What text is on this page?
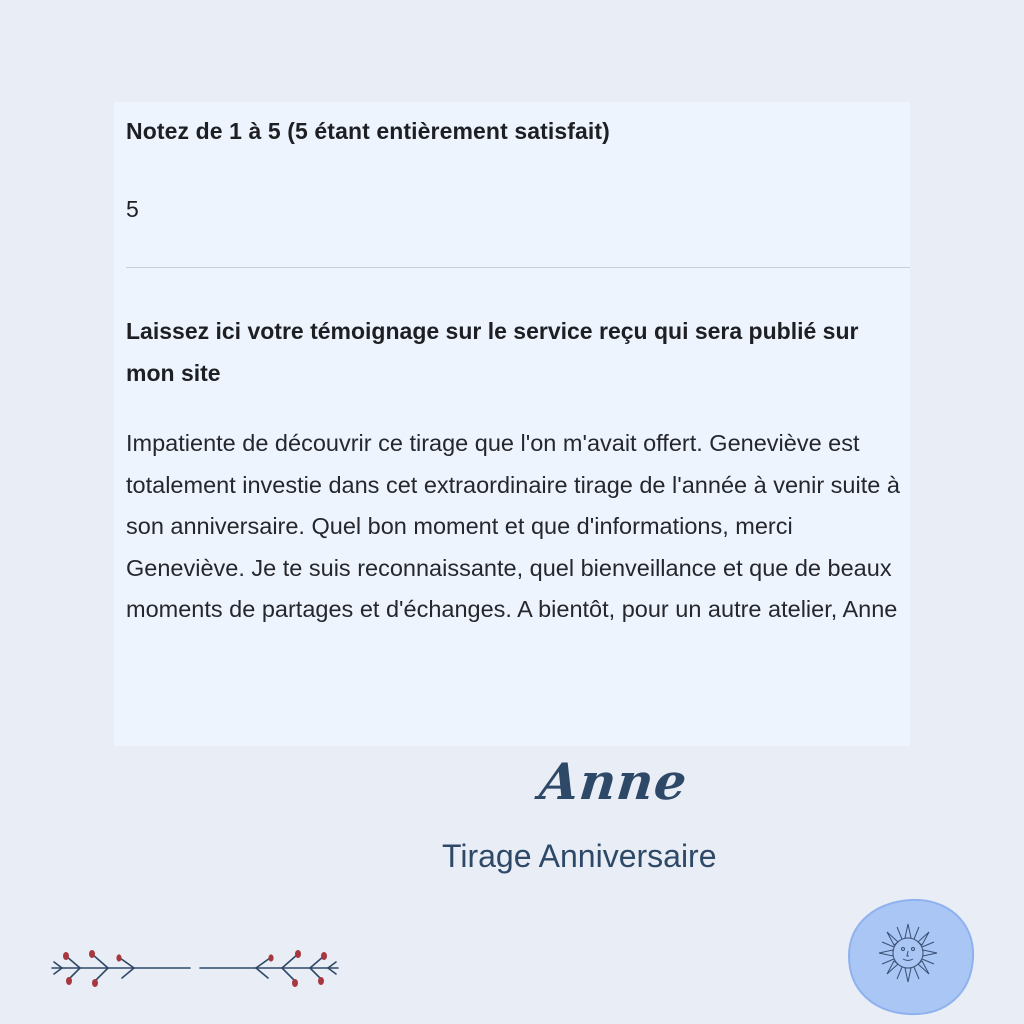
Notez de 1 à 5 (5 étant entièrement satisfait)
5
Laissez ici votre témoignage sur le service reçu qui sera publié sur mon site
Impatiente de découvrir ce tirage que l'on m'avait offert. Geneviève est totalement investie dans cet extraordinaire tirage de l'année à venir suite à son anniversaire. Quel bon moment et que d'informations, merci Geneviève. Je te suis reconnaissante, quel bienveillance et que de beaux moments de partages et d'échanges. A bientôt, pour un autre atelier, Anne
Anne
Tirage Anniversaire
